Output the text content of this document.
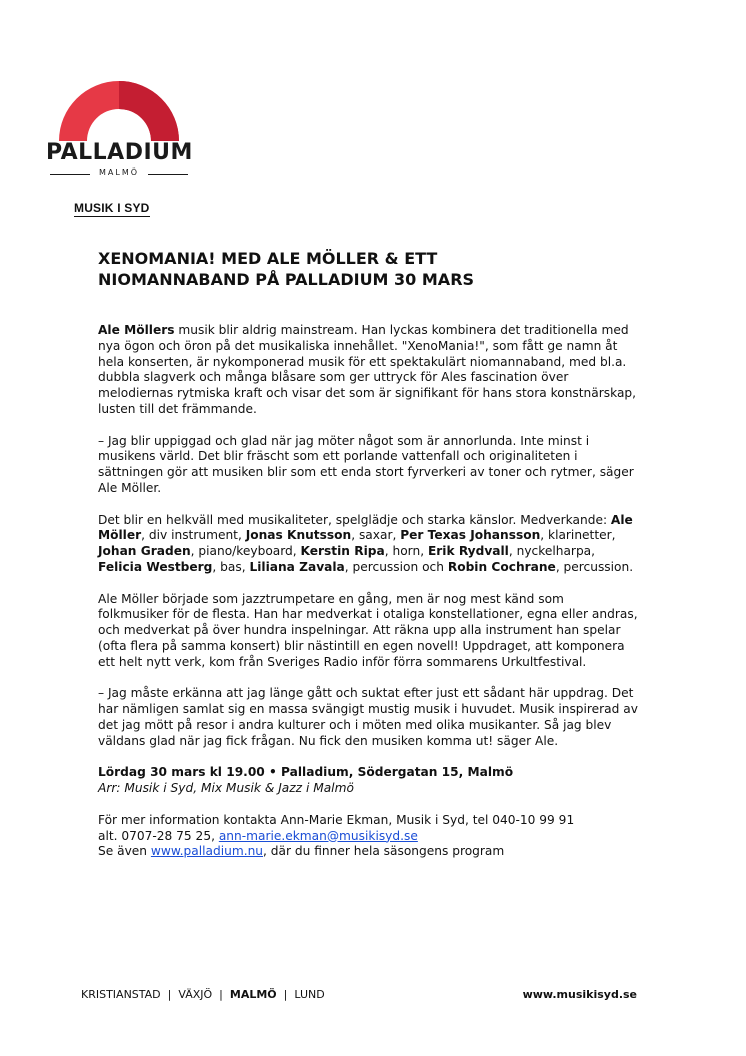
PALLADIUM
MALMÖ
MUSIK I SYD
XENOMANIA! MED ALE MÖLLER & ETT NIOMANNABAND PÅ PALLADIUM 30 MARS

Ale Möllers musik blir aldrig mainstream. Han lyckas kombinera det traditionella med nya ögon och öron på det musikaliska innehållet. "XenoMania!", som fått ge namn åt hela konserten, är nykomponerad musik för ett spektakulärt niomannaband, med bl.a. dubbla slagverk och många blåsare som ger uttryck för Ales fascination över melodiernas rytmiska kraft och visar det som är signifikant för hans stora konstnärskap, lusten till det främmande.

– Jag blir uppiggad och glad när jag möter något som är annorlunda. Inte minst i musikens värld. Det blir fräscht som ett porlande vattenfall och originaliteten i sättningen gör att musiken blir som ett enda stort fyrverkeri av toner och rytmer, säger Ale Möller.

Det blir en helkväll med musikaliteter, spelglädje och starka känslor. Medverkande: Ale Möller, div instrument, Jonas Knutsson, saxar, Per Texas Johansson, klarinetter, Johan Graden, piano/keyboard, Kerstin Ripa, horn, Erik Rydvall, nyckelharpa, Felicia Westberg, bas, Liliana Zavala, percussion och Robin Cochrane, percussion.

Ale Möller började som jazztrumpetare en gång, men är nog mest känd som folkmusiker för de flesta. Han har medverkat i otaliga konstellationer, egna eller andras, och medverkat på över hundra inspelningar. Att räkna upp alla instrument han spelar (ofta flera på samma konsert) blir nästintill en egen novell! Uppdraget, att komponera ett helt nytt verk, kom från Sveriges Radio inför förra sommarens Urkultfestival.

– Jag måste erkänna att jag länge gått och suktat efter just ett sådant här uppdrag. Det har nämligen samlat sig en massa svängigt mustig musik i huvudet. Musik inspirerad av det jag mött på resor i andra kulturer och i möten med olika musikanter. Så jag blev väldans glad när jag fick frågan. Nu fick den musiken komma ut! säger Ale.

Lördag 30 mars kl 19.00 • Palladium, Södergatan 15, Malmö
Arr: Musik i Syd, Mix Musik & Jazz i Malmö

För mer information kontakta Ann-Marie Ekman, Musik i Syd, tel 040-10 99 91
alt. 0707-28 75 25, ann-marie.ekman@musikisyd.se
Se även www.palladium.nu, där du finner hela säsongens program

KRISTIANSTAD | VÄXJÖ | MALMÖ | LUND	www.musikisyd.se
